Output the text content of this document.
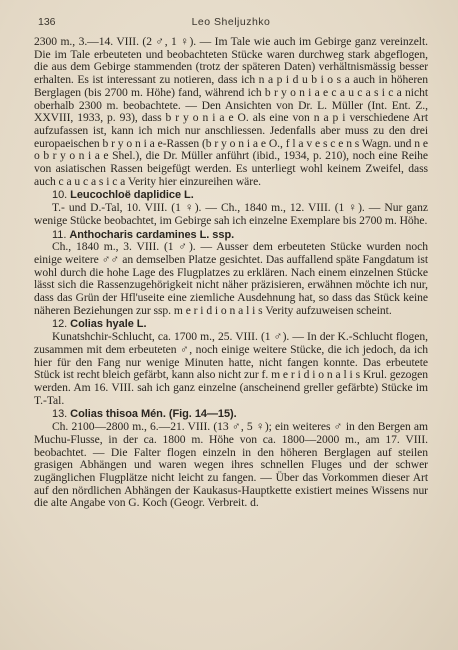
136	Leo Sheljuzhko

2300 m., 3.—14. VIII. (2 ♂, 1 ♀). — Im Tale wie auch im Gebirge ganz vereinzelt. Die im Tale erbeuteten und beobachteten Stücke waren durchweg stark abgeflogen, die aus dem Gebirge stammenden (trotz der späteren Daten) verhältnismässig besser erhalten. Es ist interessant zu notieren, dass ich n a p i d u b i o s a auch in höheren Berglagen (bis 2700 m. Höhe) fand, während ich b r y o n i a e c a u c a s i c a nicht oberhalb 2300 m. beobachtete. — Den Ansichten von Dr. L. Müller (Int. Ent. Z., XXVIII, 1933, p. 93), dass b r y o n i a e O. als eine von n a p i verschiedene Art aufzufassen ist, kann ich mich nur anschliessen. Jedenfalls aber muss zu den drei europaeischen b r y o n i a e-Rassen (b r y o n i a e O., f l a v e s c e n s Wagn. und n e o b r y o n i a e Shel.), die Dr. Müller anführt (ibid., 1934, p. 210), noch eine Reihe von asiatischen Rassen beigefügt werden. Es unterliegt wohl keinem Zweifel, dass auch c a u c a s i c a Verity hier einzureihen wäre.

10. Leucochloë daplidice L.

T.- und D.-Tal, 10. VIII. (1 ♀). — Ch., 1840 m., 12. VIII. (1 ♀). — Nur ganz wenige Stücke beobachtet, im Gebirge sah ich einzelne Exemplare bis 2700 m. Höhe.

11. Anthocharis cardamines L. ssp.

Ch., 1840 m., 3. VIII. (1 ♂). — Ausser dem erbeuteten Stücke wurden noch einige weitere ♂♂ an demselben Platze gesichtet. Das auffallend späte Fangdatum ist wohl durch die hohe Lage des Flugplatzes zu erklären. Nach einem einzelnen Stücke lässt sich die Rassenzugehörigkeit nicht näher präzisieren, erwähnen möchte ich nur, dass das Grün der Hfl'useite eine ziemliche Ausdehnung hat, so dass das Stück keine näheren Beziehungen zur ssp. m e r i d i o n a l i s Verity aufzuweisen scheint.

12. Colias hyale L.

Kunatshchir-Schlucht, ca. 1700 m., 25. VIII. (1 ♂). — In der K.-Schlucht flogen, zusammen mit dem erbeuteten ♂, noch einige weitere Stücke, die ich jedoch, da ich hier für den Fang nur wenige Minuten hatte, nicht fangen konnte. Das erbeutete Stück ist recht bleich gefärbt, kann also nicht zur f. m e r i d i o n a l i s Krul. gezogen werden. Am 16. VIII. sah ich ganz einzelne (anscheinend greller gefärbte) Stücke im T.-Tal.

13. Colias thisoa Mén. (Fig. 14—15).

Ch. 2100—2800 m., 6.—21. VIII. (13 ♂, 5 ♀); ein weiteres ♂ in den Bergen am Muchu-Flusse, in der ca. 1800 m. Höhe von ca. 1800—2000 m., am 17. VIII. beobachtet. — Die Falter flogen einzeln in den höheren Berglagen auf steilen grasigen Abhängen und waren wegen ihres schnellen Fluges und der schwer zugänglichen Flugplätze nicht leicht zu fangen. — Über das Vorkommen dieser Art auf den nördlichen Abhängen der Kaukasus-Hauptkette existiert meines Wissens nur die alte Angabe von G. Koch (Geogr. Verbreit. d.
